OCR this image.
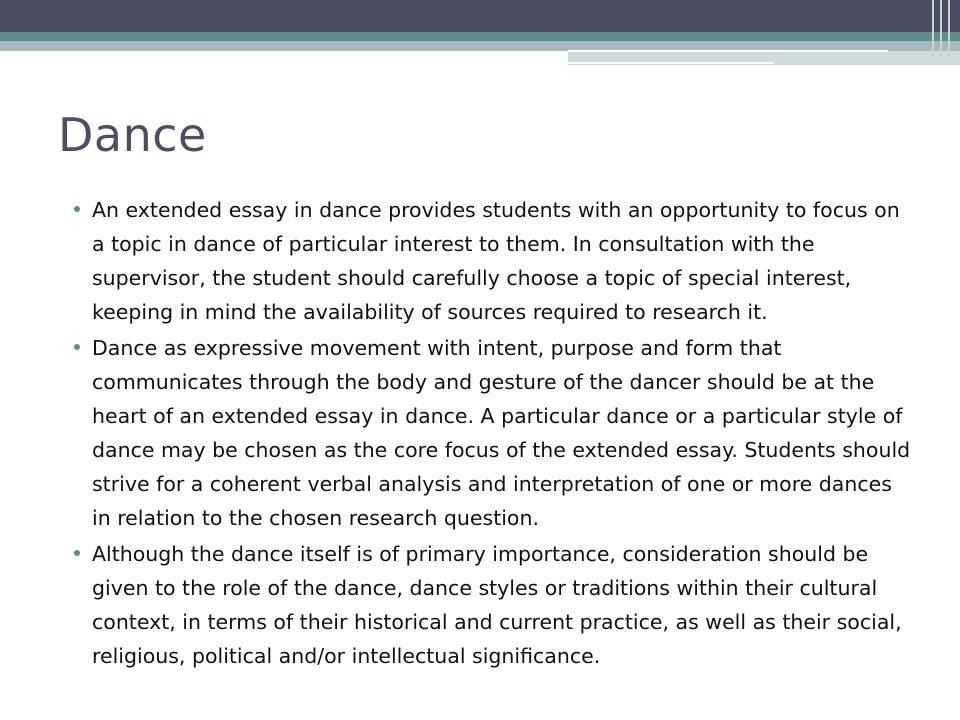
Dance
An extended essay in dance provides students with an opportunity to focus on a topic in dance of particular interest to them. In consultation with the supervisor, the student should carefully choose a topic of special interest, keeping in mind the availability of sources required to research it.
Dance as expressive movement with intent, purpose and form that communicates through the body and gesture of the dancer should be at the heart of an extended essay in dance. A particular dance or a particular style of dance may be chosen as the core focus of the extended essay. Students should strive for a coherent verbal analysis and interpretation of one or more dances in relation to the chosen research question.
Although the dance itself is of primary importance, consideration should be given to the role of the dance, dance styles or traditions within their cultural context, in terms of their historical and current practice, as well as their social, religious, political and/or intellectual significance.
